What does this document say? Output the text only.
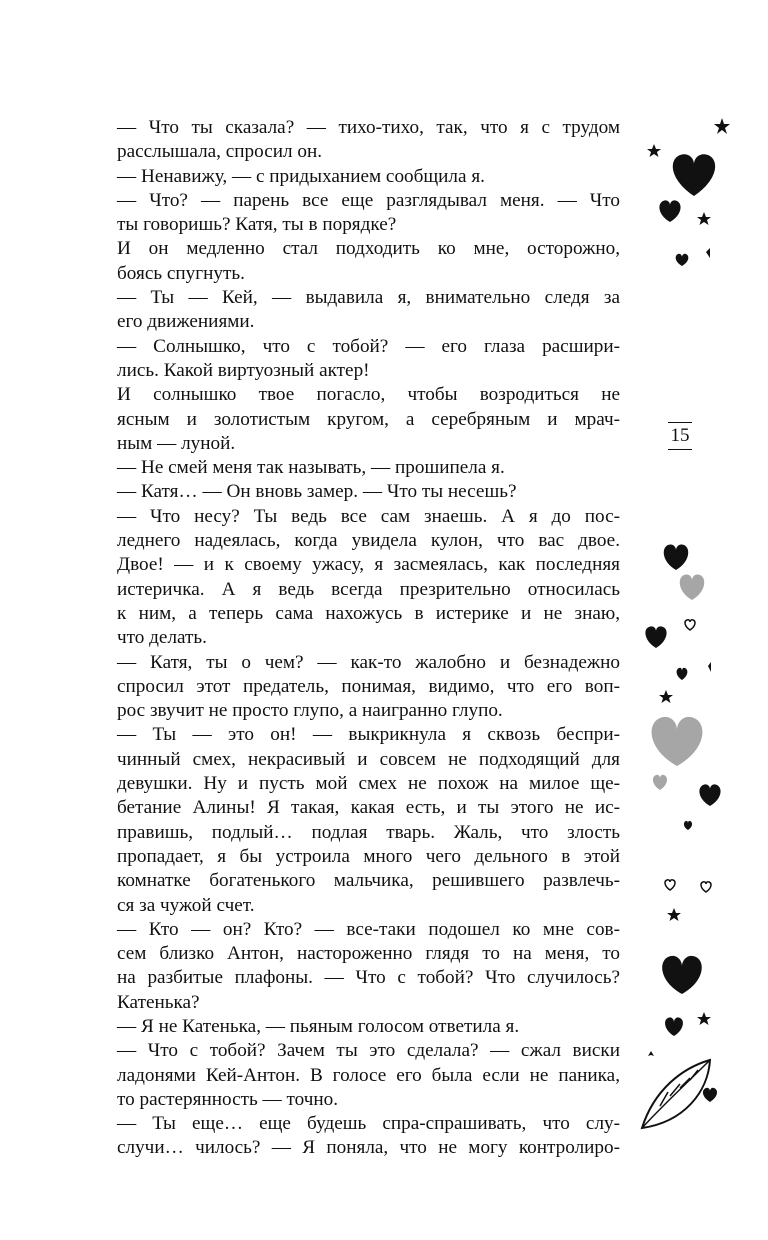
— Что ты сказала? — тихо-тихо, так, что я с трудом
расслышала, спросил он.
— Ненавижу, — с придыханием сообщила я.
— Что? — парень все еще разглядывал меня. — Что
ты говоришь? Катя, ты в порядке?
И он медленно стал подходить ко мне, осторожно,
боясь спугнуть.
— Ты — Кей, — выдавила я, внимательно следя за
его движениями.
— Солнышко, что с тобой? — его глаза расшири-
лись. Какой виртуозный актер!
И солнышко твое погасло, чтобы возродиться не
ясным и золотистым кругом, а серебряным и мрач-
ным — луной.
— Не смей меня так называть, — прошипела я.
— Катя… — Он вновь замер. — Что ты несешь?
— Что несу? Ты ведь все сам знаешь. А я до пос-
леднего надеялась, когда увидела кулон, что вас двое.
Двое! — и к своему ужасу, я засмеялась, как последняя
истеричка. А я ведь всегда презрительно относилась
к ним, а теперь сама нахожусь в истерике и не знаю,
что делать.
— Катя, ты о чем? — как-то жалобно и безнадежно
спросил этот предатель, понимая, видимо, что его воп-
рос звучит не просто глупо, а наигранно глупо.
— Ты — это он! — выкрикнула я сквозь беспри-
чинный смех, некрасивый и совсем не подходящий для
девушки. Ну и пусть мой смех не похож на милое ще-
бетание Алины! Я такая, какая есть, и ты этого не ис-
правишь, подлый… подлая тварь. Жаль, что злость
пропадает, я бы устроила много чего дельного в этой
комнатке богатенького мальчика, решившего развлечь-
ся за чужой счет.
— Кто — он? Кто? — все-таки подошел ко мне сов-
сем близко Антон, настороженно глядя то на меня, то
на разбитые плафоны. — Что с тобой? Что случилось?
Катенька?
— Я не Катенька, — пьяным голосом ответила я.
— Что с тобой? Зачем ты это сделала? — сжал виски
ладонями Кей-Антон. В голосе его была если не паника,
то растерянность — точно.
— Ты еще… еще будешь спра-спрашивать, что слу-
случи… чилось? — Я поняла, что не могу контролиро-
15
